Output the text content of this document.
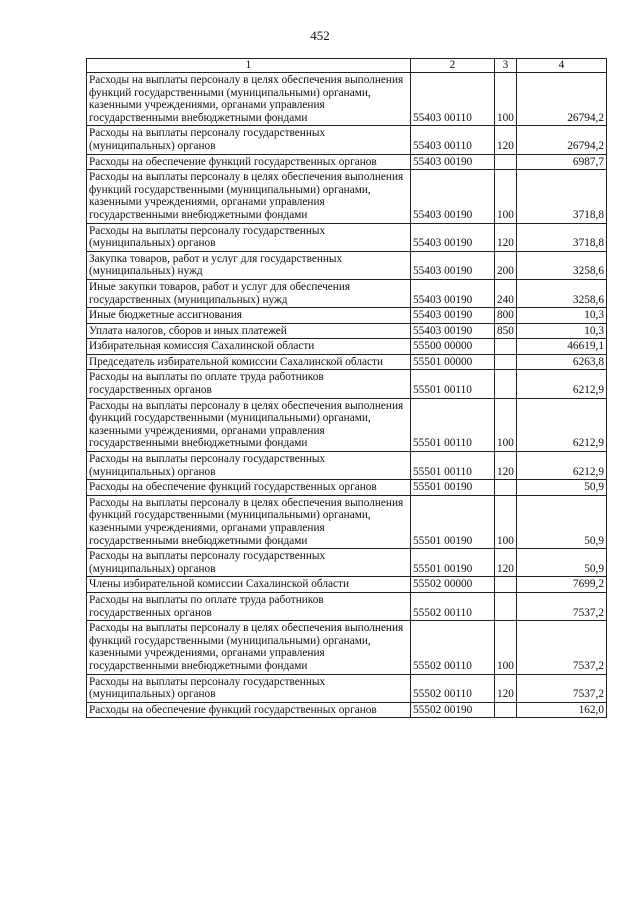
452
1	2	3	4
Расходы на выплаты персоналу в целях обеспечения выполнения функций государственными (муниципальными) органами, казенными учреждениями, органами управления государственными внебюджетными фондами	55403 00110	100	26794,2
Расходы на выплаты персоналу государственных (муниципальных) органов	55403 00110	120	26794,2
Расходы на обеспечение функций государственных органов	55403 00190		6987,7
Расходы на выплаты персоналу в целях обеспечения выполнения функций государственными (муниципальными) органами, казенными учреждениями, органами управления государственными внебюджетными фондами	55403 00190	100	3718,8
Расходы на выплаты персоналу государственных (муниципальных) органов	55403 00190	120	3718,8
Закупка товаров, работ и услуг для государственных (муниципальных) нужд	55403 00190	200	3258,6
Иные закупки товаров, работ и услуг для обеспечения государственных (муниципальных) нужд	55403 00190	240	3258,6
Иные бюджетные ассигнования	55403 00190	800	10,3
Уплата налогов, сборов и иных платежей	55403 00190	850	10,3
Избирательная комиссия Сахалинской области	55500 00000		46619,1
Председатель избирательной комиссии Сахалинской области	55501 00000		6263,8
Расходы на выплаты по оплате труда работников государственных органов	55501 00110		6212,9
Расходы на выплаты персоналу в целях обеспечения выполнения функций государственными (муниципальными) органами, казенными учреждениями, органами управления государственными внебюджетными фондами	55501 00110	100	6212,9
Расходы на выплаты персоналу государственных (муниципальных) органов	55501 00110	120	6212,9
Расходы на обеспечение функций государственных органов	55501 00190		50,9
Расходы на выплаты персоналу в целях обеспечения выполнения функций государственными (муниципальными) органами, казенными учреждениями, органами управления государственными внебюджетными фондами	55501 00190	100	50,9
Расходы на выплаты персоналу государственных (муниципальных) органов	55501 00190	120	50,9
Члены избирательной комиссии Сахалинской области	55502 00000		7699,2
Расходы на выплаты по оплате труда работников государственных органов	55502 00110		7537,2
Расходы на выплаты персоналу в целях обеспечения выполнения функций государственными (муниципальными) органами, казенными учреждениями, органами управления государственными внебюджетными фондами	55502 00110	100	7537,2
Расходы на выплаты персоналу государственных (муниципальных) органов	55502 00110	120	7537,2
Расходы на обеспечение функций государственных органов	55502 00190		162,0
